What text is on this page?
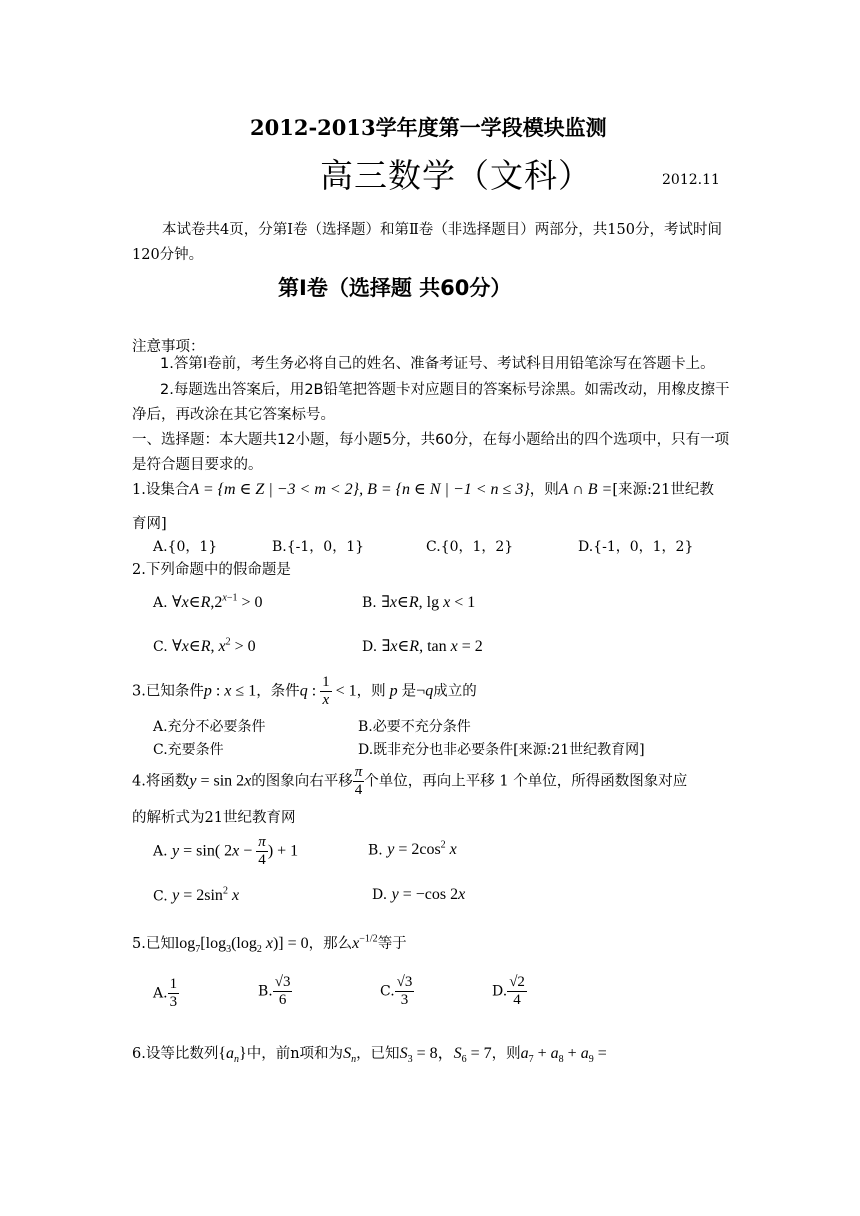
2012-2013学年度第一学段模块监测
高三数学（文科）	2012.11
本试卷共4页，分第Ⅰ卷（选择题）和第Ⅱ卷（非选择题目）两部分，共150分，考试时间120分钟。
第Ⅰ卷（选择题 共60分）
注意事项：
1.答第Ⅰ卷前，考生务必将自己的姓名、准备考证号、考试科目用铅笔涂写在答题卡上。
2.每题选出答案后，用2B铅笔把答题卡对应题目的答案标号涂黑。如需改动，用橡皮擦干净后，再改涂在其它答案标号。
一、选择题：本大题共12小题，每小题5分，共60分，在每小题给出的四个选项中，只有一项是符合题目要求的。
1.设集合A = {m ∈ Z | −3 < m < 2}, B = {n ∈ N | −1 < n ≤ 3}，则A ∩ B =[来源:21世纪教
育网]
A.{0，1}	B.{-1，0，1}	C.{0，1，2}	D.{-1，0，1，2}
2.下列命题中的假命题是
A. $\forall x\in R,2^{x-1} > 0$	B. ∃x∈R, lg x < 1
C. ∀x∈R, $x^2 > 0$	D. ∃x∈R, tan x = 2
3.已知条件p : x ≤ 1，条件q : $\frac{1}{x} < 1$，则 p 是¬q成立的
A.充分不必要条件	B.必要不充分条件
C.充要条件	D.既非充分也非必要条件[来源:21世纪教育网]
4.将函数y = sin 2x的图象向右平移 $\frac{\pi}{4}$ 个单位，再向上平移 1 个单位，所得函数图象对应
的解析式为21世纪教育网
A. y = sin( $2x - \frac{\pi}{4}$ ) + 1	B. $y = 2\cos^2$ x
C. $y = 2\sin^2$ x	D. y = −cos 2x
5.已知$\log_7[\log_3(\log_2$ x)] = 0，那么$x^{-1/2}$等于
A. $\frac{1}{3}$	B. $\frac{√3}{6}$	C. $\frac{√3}{3}$	D. $\frac{√2}{4}$
6.设等比数列$\{a_n\}$中，前n项和为$S_n$，已知$S_3 = 8$，$S_6 = 7$，则$a_7 + a_8 + a_9$ =
